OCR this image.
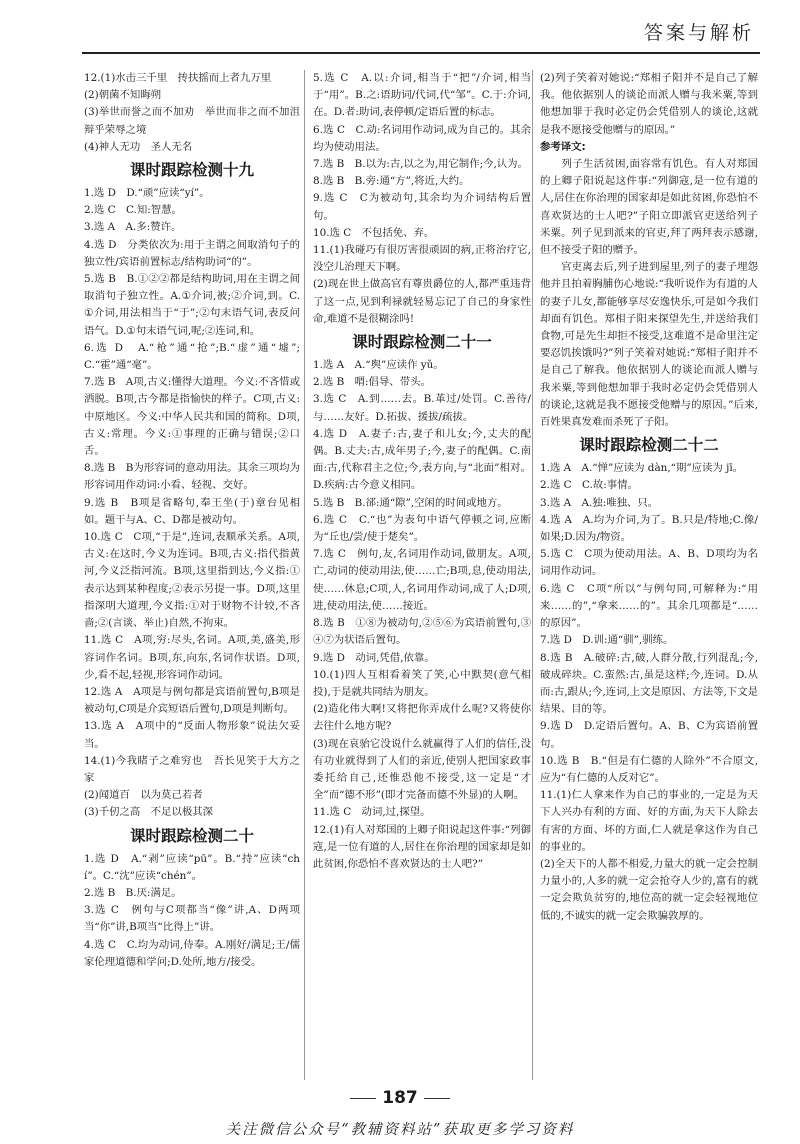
答案与解析

12.(1)水击三千里　抟扶摇而上者九万里

(2)朝菌不知晦朔

(3)举世而誉之而不加劝　举世而非之而不加沮　辩乎荣辱之境

(4)神人无功　圣人无名

课时跟踪检测十九

1.选 D　D.“顽”应读“yí”。

2.选 C　C.知:智慧。

3.选 A　A.多:赞许。

4.选 D　分类依次为:用于主谓之间取消句子的独立性/宾语前置标志/结构助词“的”。

5.选 B　B.①②②都是结构助词,用在主谓之间取消句子独立性。A.①介词,被;②介词,到。C.①介词,用法相当于“于”;②句末语气词,表反问语气。D.①句末语气词,呢;②连词,和。

6.选 D　A.“枪”通“抢”;B.“虚”通“墟”;C.“霍”通“毫”。

7.选 B　A项,古义:懂得大道理。今义:不吝惜或洒脱。B项,古今都是指愉快的样子。C项,古义:中原地区。今义:中华人民共和国的简称。D项,古义:常理。今义:①事理的正确与错误;②口舌。

8.选 B　B为形容词的意动用法。其余三项均为形容词用作动词:小看、轻视、交好。

9.选 B　B项是省略句,奉王坐(于)章台见相如。题干与A、C、D都是被动句。

10.选 C　C项,“于是”,连词,表顺承关系。A项,古义:在这时,今义为连词。B项,古义:指代指黄河,今义泛指河流。B项,这里指到达,今义指:①表示达到某种程度;②表示另提一事。D项,这里指深明大道理,今义指:①对于财物不计较,不吝啬;②(言谈、举止)自然,不拘束。

11.选 C　A项,穷:尽头,名词。A项,美,盛美,形容词作名词。B项,东,向东,名词作状语。D项,少,看不起,轻视,形容词作动词。

12.选 A　A项是与例句都是宾语前置句,B项是被动句,C项是介宾短语后置句,D项是判断句。

13.选 A　A项中的“反面人物形象”说法欠妥当。

14.(1)今我睹子之难穷也　吾长见笑于大方之家

(2)闻道百　以为莫己若者

(3)千仞之高　不足以极其深

课时跟踪检测二十

1.选 D　A.“剥”应读“pū”。B.“持”应读“chí”。C.“沈”应读“chén”。

2.选 B　B.厌:满足。

3.选 C　例句与C项都当“像”讲,A、D两项当“你”讲,B项当“比得上”讲。

4.选 C　C.均为动词,侍奉。A.刚好/满足;王/儒家伦理道德和学问;D.处所,地方/接受。

5.选 C　A.以:介词,相当于“把”/介词,相当于“用”。B.之:语助词/代词,代“邹”。C.于:介词,在。D.者:助词,表停顿/定语后置的标志。

6.选 C　C.动:名词用作动词,成为自己的。其余均为使动用法。

7.选 B　B.以为:古,以之为,用它制作;今,认为。

8.选 B　B.旁:通“方”,将近,大约。

9.选 C　C为被动句,其余均为介词结构后置句。

10.选 C　不包括免、弃。

11.(1)我碰巧有很厉害很顽固的病,正将治疗它,没空儿治理天下啊。

(2)现在世上做高官有尊贵爵位的人,都严重违背了这一点,见到利禄就轻易忘记了自己的身家性命,难道不是很糊涂吗!

课时跟踪检测二十一

1.选 A　A.“舆”应读作 yǔ。

2.选 B　喟:倡导、带头。

3.选 C　A.到……去。B.革过/处罚。C.善待/与……友好。D.拓拔、援拔/疏拔。

4.选 D　A.妻子:古,妻子和儿女;今,丈夫的配偶。B.丈夫:古,成年男子;今,妻子的配偶。C.南面:古,代称君主之位;今,表方向,与“北面”相对。D.疾病:古今意义相同。

5.选 B　B.郤:通“隙”,空闲的时间或地方。

6.选 C　C.“也”为表句中语气停顿之词,应断为“丘也/尝/使于楚矣”。

7.选 C　例句,友,名词用作动词,做朋友。A项,亡,动词的使动用法,使……亡;B项,息,使动用法,使……休息;C项,人,名词用作动词,成了人;D项,进,使动用法,使……接近。

8.选 B　①⑧为被动句,②⑤⑥为宾语前置句,③④⑦为状语后置句。

9.选 D　动词,凭借,依靠。

10.(1)四人互相看着笑了笑,心中默契(意气相投),于是就共同结为朋友。

(2)造化伟大啊!又将把你弄成什么呢?又将使你去往什么地方呢?

(3)现在哀骀它没说什么就赢得了人们的信任,没有功业就得到了人们的亲近,使别人把国家政事委托给自己,还惟恐他不接受,这一定是“才全”而“德不形”(即才完备而德不外显)的人啊。

11.选 C　动词,过,探望。

12.(1)有人对郑国的上卿子阳说起这件事:“列御寇,是一位有道的人,居住在你治理的国家却是如此贫困,你恐怕不喜欢贤达的士人吧?”

(2)列子笑着对她说:“郑相子阳并不是自己了解我。他依据别人的谈论而派人赠与我米粟,等到他想加罪于我时必定仍会凭借别人的谈论,这就是我不愿接受他赠与的原因。”

参考译文:

　　列子生活贫困,面容常有饥色。有人对郑国的上卿子阳说起这件事:“列御寇,是一位有道的人,居住在你治理的国家却是如此贫困,你恐怕不喜欢贤达的士人吧?”子阳立即派官吏送给列子米粟。列子见到派来的官吏,拜了两拜表示感谢,但不接受子阳的赠予。

　　官吏离去后,列子进到屋里,列子的妻子埋怨他并且拍着胸脯伤心地说:“我听说作为有道的人的妻子儿女,都能够享尽安逸快乐,可是如今我们却面有饥色。郑相子阳来探望先生,并送给我们食物,可是先生却拒不接受,这难道不是命里注定要忍饥挨饿吗?”列子笑着对她说:“郑相子阳并不是自己了解我。他依据别人的谈论而派人赠与我米粟,等到他想加罪于我时必定仍会凭借别人的谈论,这就是我不愿接受他赠与的原因。”后来,百姓果真发难而杀死了子阳。

课时跟踪检测二十二

1.选 A　A.“惮”应读为 dàn,“期”应读为 jī。

2.选 C　C.故:事情。

3.选 A　A.独:唯独、只。

4.选 A　A.均为介词,为了。B.只是/特地;C.像/如果;D.因为/物资。

5.选 C　C项为使动用法。A、B、D项均为名词用作动词。

6.选 C　C项“所以”与例句同,可解释为:“用来……的”,“拿来……的”。其余几项都是“……的原因”。

7.选 D　D.训:通“驯”,驯练。

8.选 B　A.破碎:古,破,人群分散,行列混乱;今,破成碎块。C.蛮然:古,虽是这样;今,连词。D.从而:古,跟从;今,连词,上文是原因、方法等,下文是结果、目的等。

9.选 D　D.定语后置句。A、B、C为宾语前置句。

10.选 B　B.“但是有仁德的人除外”不合原文,应为“有仁德的人反对它”。

11.(1)仁人拿来作为自己的事业的,一定是为天下人兴办有利的方面、好的方面,为天下人除去有害的方面、坏的方面,仁人就是拿这作为自己的事业的。

(2)全天下的人都不相爱,力量大的就一定会控制力量小的,人多的就一定会抢夺人少的,富有的就一定会欺负贫穷的,地位高的就一定会轻视地位低的,不诚实的就一定会欺骗敦厚的。

187
关注微信公众号“教辅资料站”获取更多学习资料
